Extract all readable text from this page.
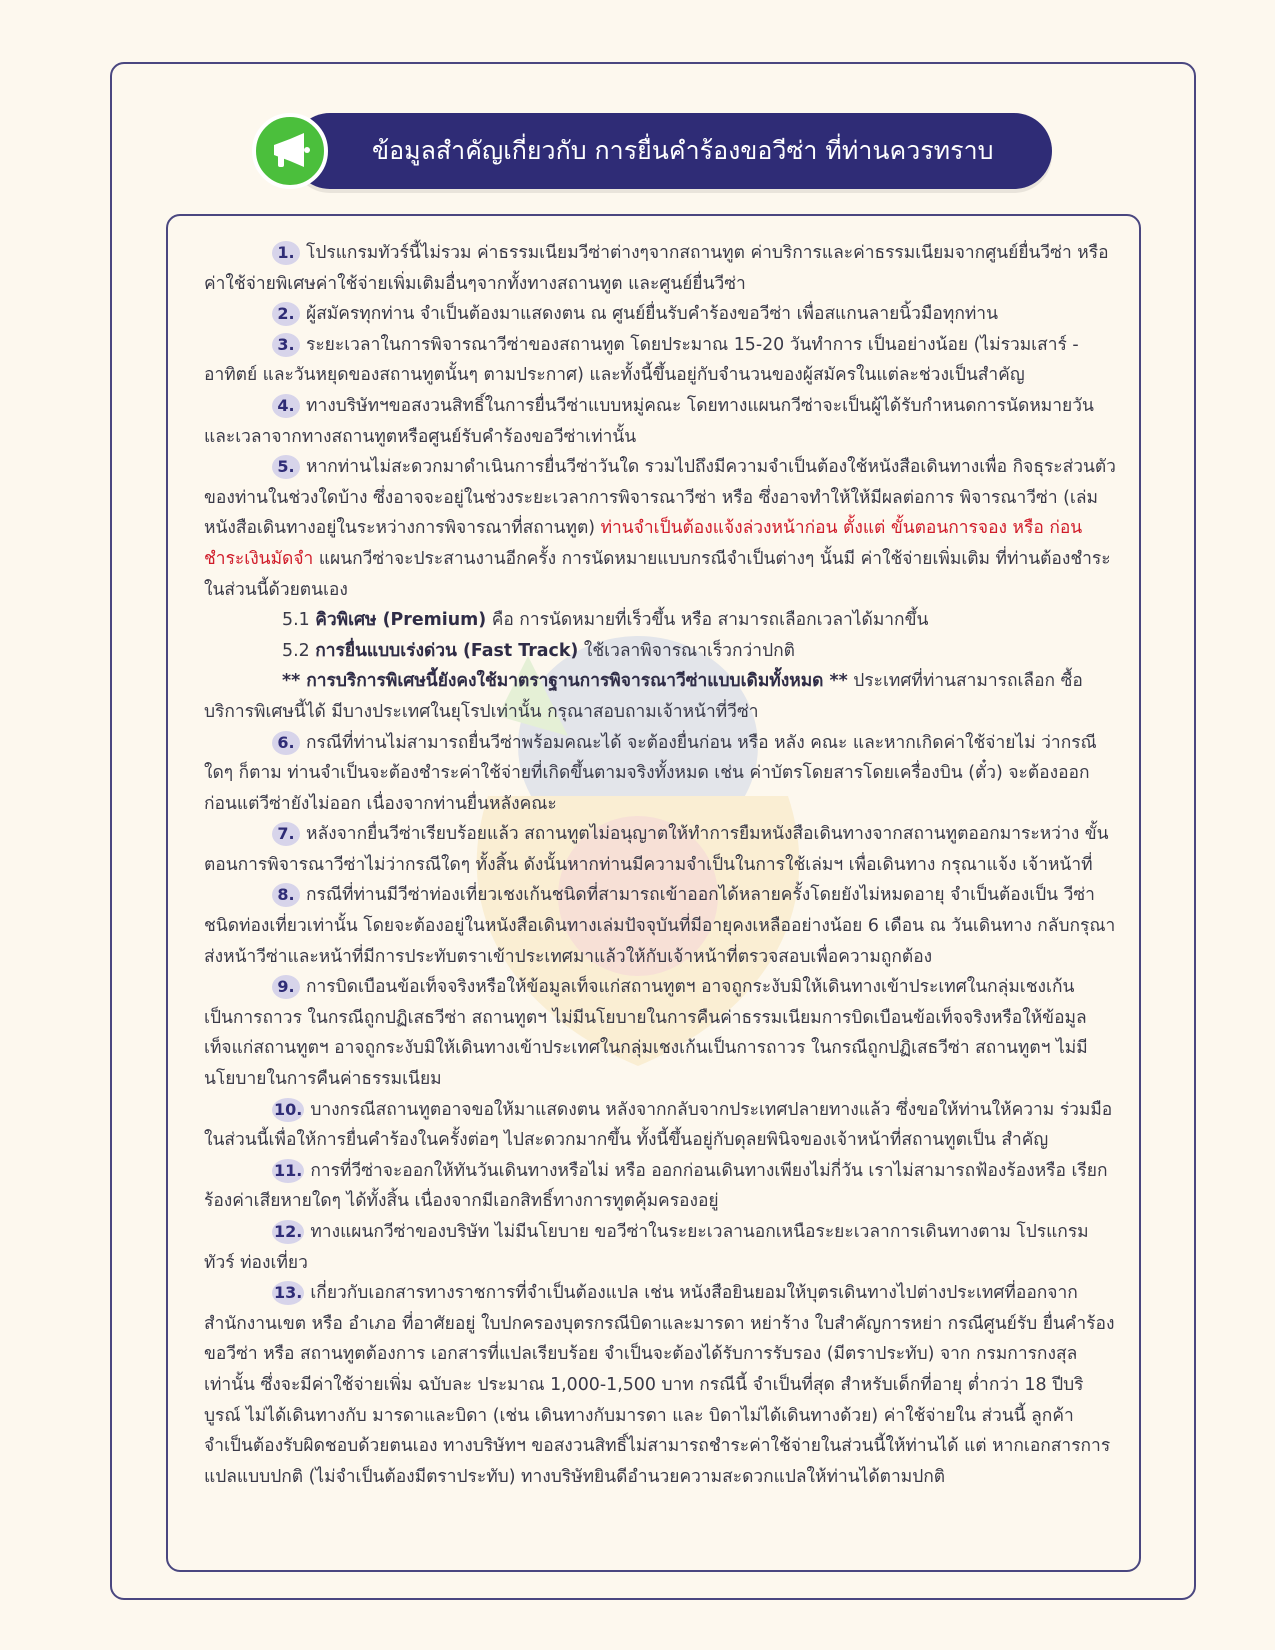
ข้อมูลสำคัญเกี่ยวกับ การยื่นคำร้องขอวีซ่า ที่ท่านควรทราบ

1. โปรแกรมทัวร์นี้ไม่รวม ค่าธรรมเนียมวีซ่าต่างๆจากสถานทูต ค่าบริการและค่าธรรมเนียมจากศูนย์ยื่นวีซ่า หรือค่าใช้จ่ายพิเศษค่าใช้จ่ายเพิ่มเติมอื่นๆจากทั้งทางสถานทูต และศูนย์ยื่นวีซ่า

2. ผู้สมัครทุกท่าน จำเป็นต้องมาแสดงตน ณ ศูนย์ยื่นรับคำร้องขอวีซ่า เพื่อสแกนลายนิ้วมือทุกท่าน

3. ระยะเวลาในการพิจารณาวีซ่าของสถานทูต โดยประมาณ 15-20 วันทำการ เป็นอย่างน้อย (ไม่รวมเสาร์ - อาทิตย์ และวันหยุดของสถานทูตนั้นๆ ตามประกาศ) และทั้งนี้ขึ้นอยู่กับจำนวนของผู้สมัครในแต่ละช่วงเป็นสำคัญ

4. ทางบริษัทฯขอสงวนสิทธิ์ในการยื่นวีซ่าแบบหมู่คณะ โดยทางแผนกวีซ่าจะเป็นผู้ได้รับกำหนดการนัดหมายวัน และเวลาจากทางสถานทูตหรือศูนย์รับคำร้องขอวีซ่าเท่านั้น

5. หากท่านไม่สะดวกมาดำเนินการยื่นวีซ่าวันใด รวมไปถึงมีความจำเป็นต้องใช้หนังสือเดินทางเพื่อ กิจธุระส่วนตัวของท่านในช่วงใดบ้าง ซึ่งอาจจะอยู่ในช่วงระยะเวลาการพิจารณาวีซ่า หรือ ซึ่งอาจทำให้ให้มีผลต่อการ พิจารณาวีซ่า (เล่มหนังสือเดินทางอยู่ในระหว่างการพิจารณาที่สถานทูต) ท่านจำเป็นต้องแจ้งล่วงหน้าก่อน ตั้งแต่ ขั้นตอนการจอง หรือ ก่อนชำระเงินมัดจำ แผนกวีซ่าจะประสานงานอีกครั้ง การนัดหมายแบบกรณีจำเป็นต่างๆ นั้นมี ค่าใช้จ่ายเพิ่มเติม ที่ท่านต้องชำระในส่วนนี้ด้วยตนเอง

5.1 คิวพิเศษ (Premium) คือ การนัดหมายที่เร็วขึ้น หรือ สามารถเลือกเวลาได้มากขึ้น

5.2 การยื่นแบบเร่งด่วน (Fast Track) ใช้เวลาพิจารณาเร็วกว่าปกติ

** การบริการพิเศษนี้ยังคงใช้มาตราฐานการพิจารณาวีซ่าแบบเดิมทั้งหมด ** ประเทศที่ท่านสามารถเลือก ซื้อบริการพิเศษนี้ได้ มีบางประเทศในยุโรปเท่านั้น กรุณาสอบถามเจ้าหน้าที่วีซ่า

6. กรณีที่ท่านไม่สามารถยื่นวีซ่าพร้อมคณะได้ จะต้องยื่นก่อน หรือ หลัง คณะ และหากเกิดค่าใช้จ่ายไม่ ว่ากรณีใดๆ ก็ตาม ท่านจำเป็นจะต้องชำระค่าใช้จ่ายที่เกิดขึ้นตามจริงทั้งหมด เช่น ค่าบัตรโดยสารโดยเครื่องบิน (ตั๋ว) จะต้องออกก่อนแต่วีซ่ายังไม่ออก เนื่องจากท่านยื่นหลังคณะ

7. หลังจากยื่นวีซ่าเรียบร้อยแล้ว สถานทูตไม่อนุญาตให้ทำการยืมหนังสือเดินทางจากสถานทูตออกมาระหว่าง ขั้นตอนการพิจารณาวีซ่าไม่ว่ากรณีใดๆ ทั้งสิ้น ดังนั้นหากท่านมีความจำเป็นในการใช้เล่มฯ เพื่อเดินทาง กรุณาแจ้ง เจ้าหน้าที่

8. กรณีที่ท่านมีวีซ่าท่องเที่ยวเชงเก้นชนิดที่สามารถเข้าออกได้หลายครั้งโดยยังไม่หมดอายุ จำเป็นต้องเป็น วีซ่าชนิดท่องเที่ยวเท่านั้น โดยจะต้องอยู่ในหนังสือเดินทางเล่มปัจจุบันที่มีอายุคงเหลืออย่างน้อย 6 เดือน ณ วันเดินทาง กลับกรุณาส่งหน้าวีซ่าและหน้าที่มีการประทับตราเข้าประเทศมาแล้วให้กับเจ้าหน้าที่ตรวจสอบเพื่อความถูกต้อง

9. การบิดเบือนข้อเท็จจริงหรือให้ข้อมูลเท็จแก่สถานทูตฯ อาจถูกระงับมิให้เดินทางเข้าประเทศในกลุ่มเชงเก้น เป็นการถาวร ในกรณีถูกปฏิเสธวีซ่า สถานทูตฯ ไม่มีนโยบายในการคืนค่าธรรมเนียมการบิดเบือนข้อเท็จจริงหรือให้ข้อมูล เท็จแก่สถานทูตฯ อาจถูกระงับมิให้เดินทางเข้าประเทศในกลุ่มเชงเก้นเป็นการถาวร ในกรณีถูกปฏิเสธวีซ่า สถานทูตฯ ไม่มีนโยบายในการคืนค่าธรรมเนียม

10. บางกรณีสถานทูตอาจขอให้มาแสดงตน หลังจากกลับจากประเทศปลายทางแล้ว ซึ่งขอให้ท่านให้ความ ร่วมมือในส่วนนี้เพื่อให้การยื่นคำร้องในครั้งต่อๆ ไปสะดวกมากขึ้น ทั้งนี้ขึ้นอยู่กับดุลยพินิจของเจ้าหน้าที่สถานทูตเป็น สำคัญ

11. การที่วีซ่าจะออกให้ทันวันเดินทางหรือไม่ หรือ ออกก่อนเดินทางเพียงไม่กี่วัน เราไม่สามารถฟ้องร้องหรือ เรียกร้องค่าเสียหายใดๆ ได้ทั้งสิ้น เนื่องจากมีเอกสิทธิ์ทางการทูตคุ้มครองอยู่

12. ทางแผนกวีซ่าของบริษัท ไม่มีนโยบาย ขอวีซ่าในระยะเวลานอกเหนือระยะเวลาการเดินทางตาม โปรแกรมทัวร์ ท่องเที่ยว

13. เกี่ยวกับเอกสารทางราชการที่จำเป็นต้องแปล เช่น หนังสือยินยอมให้บุตรเดินทางไปต่างประเทศที่ออกจาก สำนักงานเขต หรือ อำเภอ ที่อาศัยอยู่ ใบปกครองบุตรกรณีบิดาและมารดา หย่าร้าง ใบสำคัญการหย่า กรณีศูนย์รับ ยื่นคำร้องขอวีซ่า หรือ สถานทูตต้องการ เอกสารที่แปลเรียบร้อย จำเป็นจะต้องได้รับการรับรอง (มีตราประทับ) จาก กรมการกงสุลเท่านั้น ซึ่งจะมีค่าใช้จ่ายเพิ่ม ฉบับละ ประมาณ 1,000-1,500 บาท กรณีนี้ จำเป็นที่สุด สำหรับเด็กที่อายุ ต่ำกว่า 18 ปีบริบูรณ์ ไม่ได้เดินทางกับ มารดาและบิดา (เช่น เดินทางกับมารดา และ บิดาไม่ได้เดินทางด้วย) ค่าใช้จ่ายใน ส่วนนี้ ลูกค้าจำเป็นต้องรับผิดชอบด้วยตนเอง ทางบริษัทฯ ขอสงวนสิทธิ์ไม่สามารถชำระค่าใช้จ่ายในส่วนนี้ให้ท่านได้ แต่ หากเอกสารการแปลแบบปกติ (ไม่จำเป็นต้องมีตราประทับ) ทางบริษัทยินดีอำนวยความสะดวกแปลให้ท่านได้ตามปกติ
